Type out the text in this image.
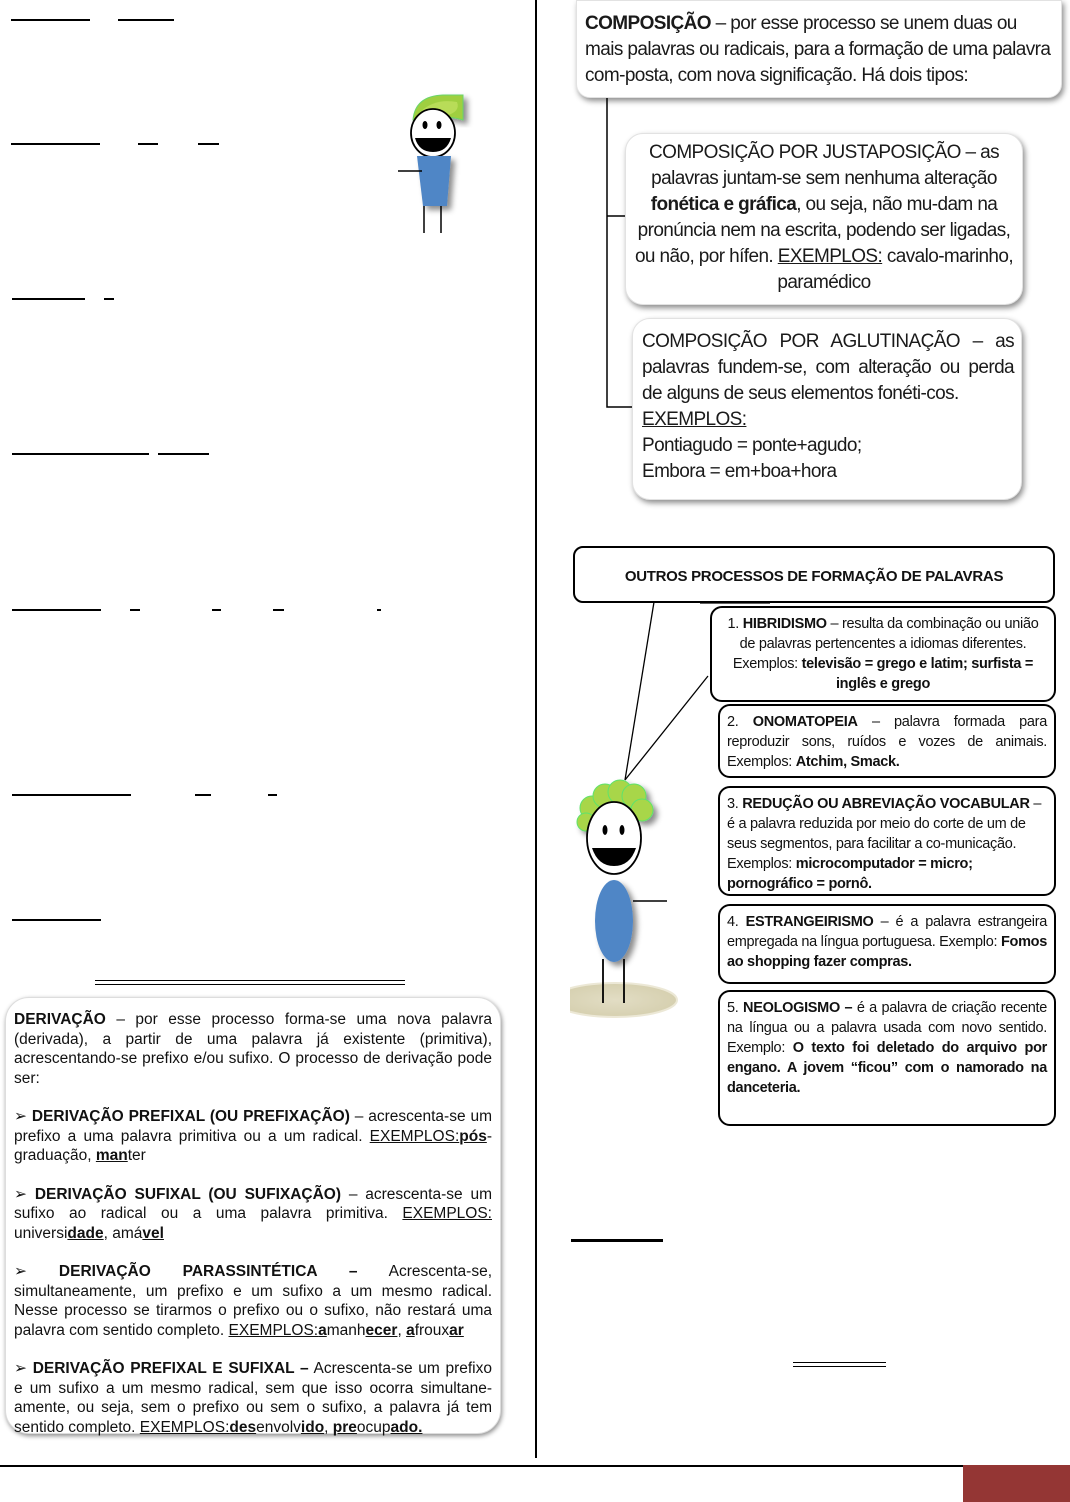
DERIVAÇÃO – por esse processo forma-se uma nova palavra (derivada), a partir de uma palavra já existente (primitiva), acrescentando-se prefixo e/ou sufixo. O processo de derivação pode ser:

➢ DERIVAÇÃO PREFIXAL (OU PREFIXAÇÃO) – acrescenta-se um prefixo a uma palavra primitiva ou a um radical. EXEMPLOS:pós-graduação, manter

➢ DERIVAÇÃO SUFIXAL (OU SUFIXAÇÃO) – acrescenta-se um sufixo ao radical ou a uma palavra primitiva. EXEMPLOS: universidade, amável

➢ DERIVAÇÃO PARASSINTÉTICA – Acrescenta-se, simultaneamente, um prefixo e um sufixo a um mesmo radical. Nesse processo se tirarmos o prefixo ou o sufixo, não restará uma palavra com sentido completo. EXEMPLOS:amanhecer, afrouxar

➢ DERIVAÇÃO PREFIXAL E SUFIXAL – Acrescenta-se um prefixo e um sufixo a um mesmo radical, sem que isso ocorra simultane-amente, ou seja, sem o prefixo ou sem o sufixo, a palavra já tem sentido completo. EXEMPLOS:desenvolvido, preocupado.

COMPOSIÇÃO – por esse processo se unem duas ou mais palavras ou radicais, para a formação de uma palavra com-posta, com nova significação. Há dois tipos:
COMPOSIÇÃO POR JUSTAPOSIÇÃO – as palavras juntam-se sem nenhuma alteração fonética e gráfica, ou seja, não mu-dam na pronúncia nem na escrita, podendo ser ligadas, ou não, por hífen. EXEMPLOS: cavalo-marinho, paramédico
COMPOSIÇÃO POR AGLUTINAÇÃO – as palavras fundem-se, com alteração ou perda de alguns de seus elementos fonéti-cos.
EXEMPLOS:
Pontiagudo = ponte+agudo;
Embora = em+boa+hora
OUTROS PROCESSOS DE FORMAÇÃO DE PALAVRAS
1. HIBRIDISMO – resulta da combinação ou união de palavras pertencentes a idiomas diferentes. Exemplos: televisão = grego e latim; surfista = inglês e grego
2. ONOMATOPEIA – palavra formada para reproduzir sons, ruídos e vozes de animais. Exemplos: Atchim, Smack.
3. REDUÇÃO OU ABREVIAÇÃO VOCABULAR – é a palavra reduzida por meio do corte de um de seus segmentos, para facilitar a co-municação. Exemplos: microcomputador = micro; pornográfico = pornô.
4. ESTRANGEIRISMO – é a palavra estrangeira empregada na língua portuguesa. Exemplo: Fomos ao shopping fazer compras.
5. NEOLOGISMO – é a palavra de criação recente na língua ou a palavra usada com novo sentido. Exemplo: O texto foi deletado do arquivo por engano. A jovem “ficou” com o namorado na danceteria.
